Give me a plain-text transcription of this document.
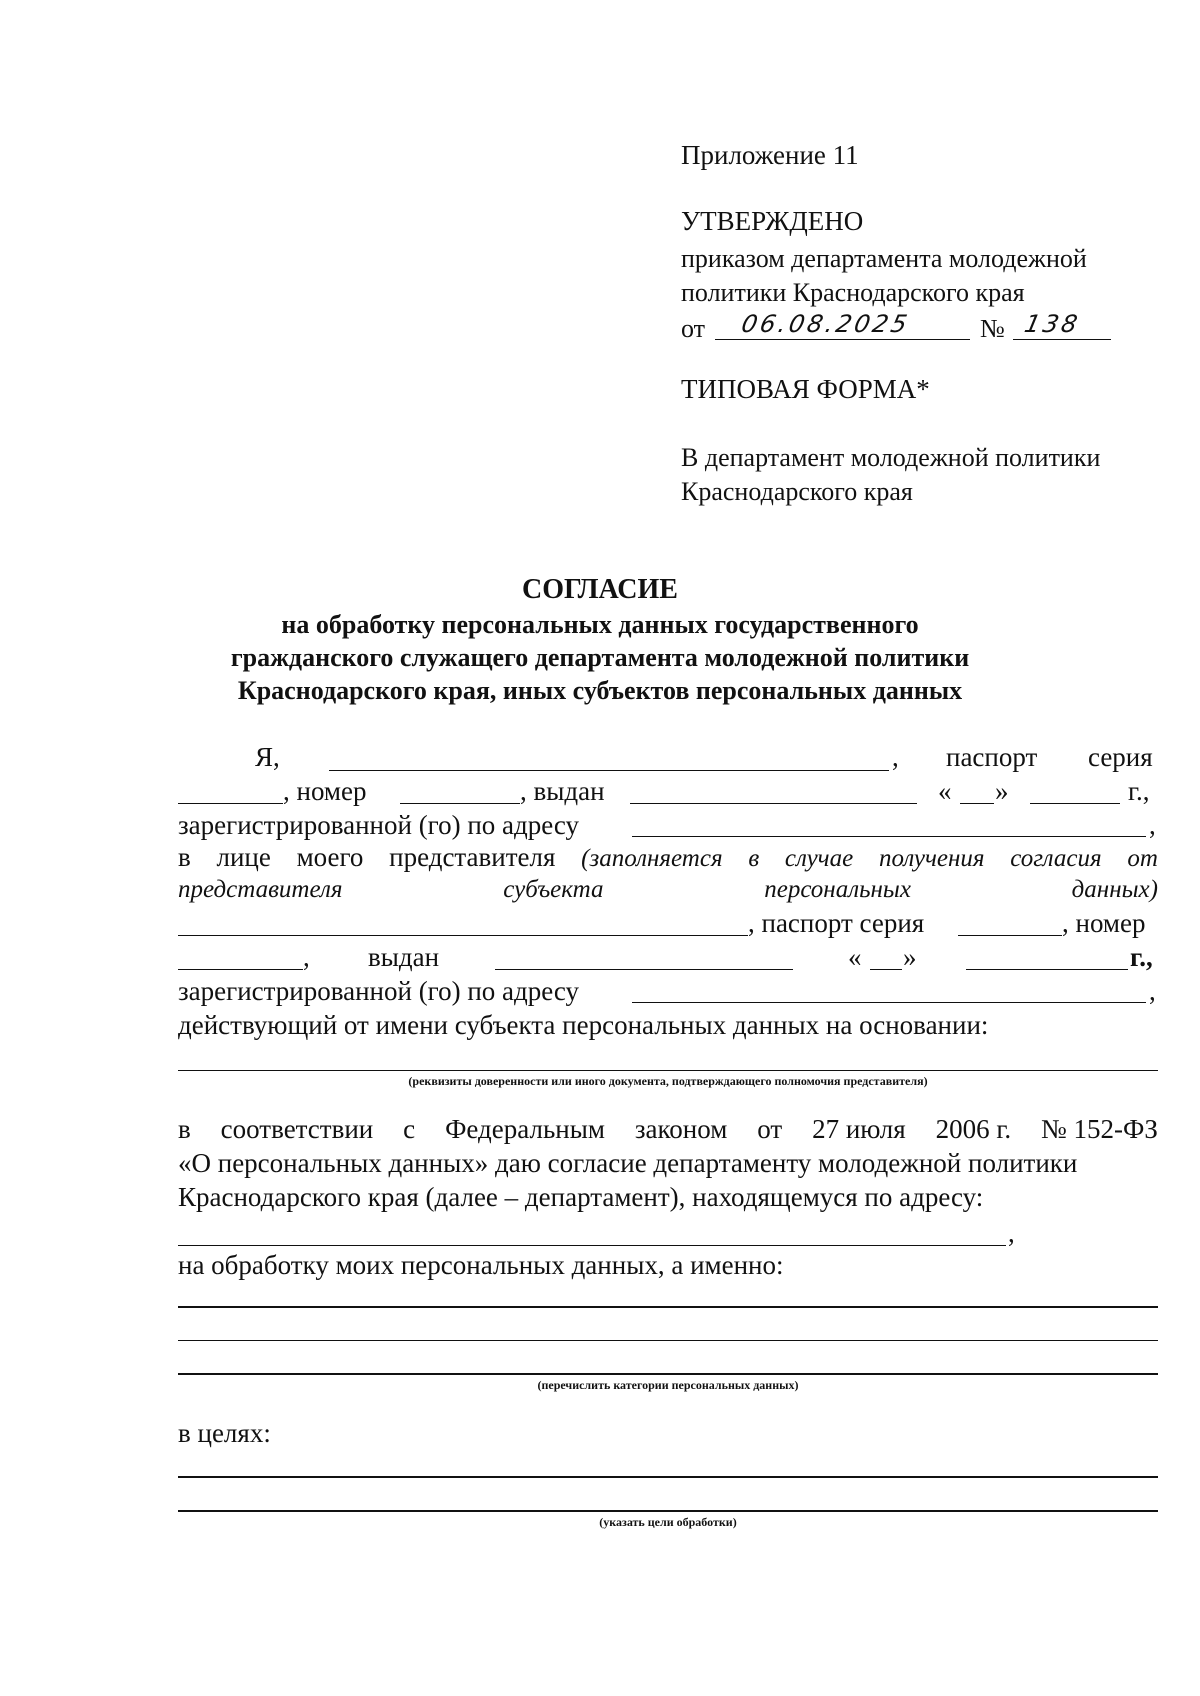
Приложение 11
УТВЕРЖДЕНО
приказом департамента молодежной
политики Краснодарского края
от 06.08.2025	№ 138
ТИПОВАЯ ФОРМА*
В департамент молодежной политики
Краснодарского края
СОГЛАСИЕ
на обработку персональных данных государственного
гражданского служащего департамента молодежной политики
Краснодарского края, иных субъектов персональных данных
Я,	, паспорт серия
, номер	, выдан	« »	г.,
зарегистрированной (го) по адресу	,
в лице моего представителя (заполняется в случае получения согласия от
представителя	субъекта	персональных	данных)
, паспорт серия	, номер
, выдан	« »	г.,
зарегистрированной (го) по адресу	,
действующий от имени субъекта персональных данных на основании:
(реквизиты доверенности или иного документа, подтверждающего полномочия представителя)
в соответствии с Федеральным законом от 27 июля 2006 г. № 152-ФЗ
«О персональных данных» даю согласие департаменту молодежной политики
Краснодарского края (далее – департамент), находящемуся по адресу:
,
на обработку моих персональных данных, а именно:
(перечислить категории персональных данных)
в целях:
(указать цели обработки)
